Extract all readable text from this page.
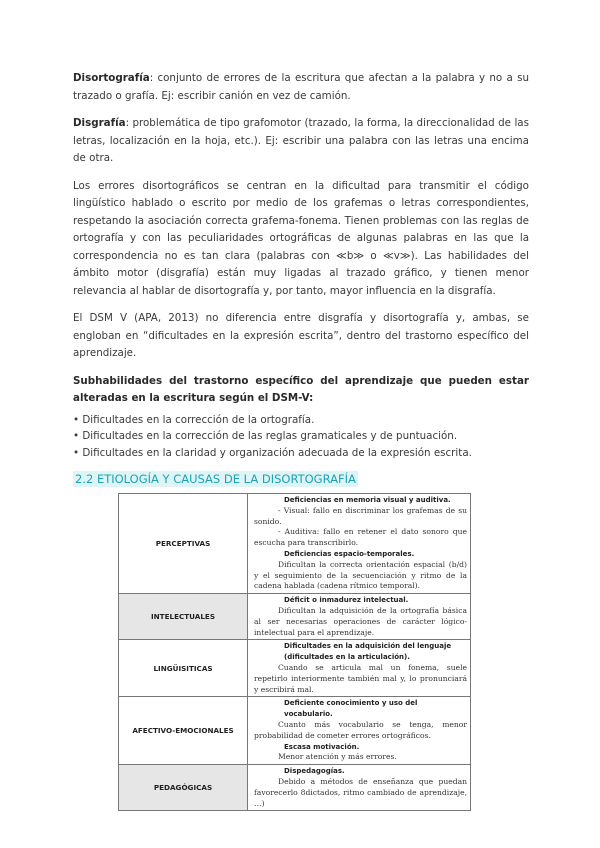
Disortografía: conjunto de errores de la escritura que afectan a la palabra y no a su trazado o grafía. Ej: escribir canión en vez de camión.

Disgrafía: problemática de tipo grafomotor (trazado, la forma, la direccionalidad de las letras, localización en la hoja, etc.). Ej: escribir una palabra con las letras una encima de otra.

Los errores disortográficos se centran en la dificultad para transmitir el código lingüístico hablado o escrito por medio de los grafemas o letras correspondientes, respetando la asociación correcta grafema-fonema. Tienen problemas con las reglas de ortografía y con las peculiaridades ortográficas de algunas palabras en las que la correspondencia no es tan clara (palabras con ≪b≫ o ≪v≫). Las habilidades del ámbito motor (disgrafía) están muy ligadas al trazado gráfico, y tienen menor relevancia al hablar de disortografía y, por tanto, mayor influencia en la disgrafía.

El DSM V (APA, 2013) no diferencia entre disgrafía y disortografía y, ambas, se engloban en “dificultades en la expresión escrita”, dentro del trastorno específico del aprendizaje.

Subhabilidades del trastorno específico del aprendizaje que pueden estar alteradas en la escritura según el DSM-V:

• Dificultades en la corrección de la ortografía.
• Dificultades en la corrección de las reglas gramaticales y de puntuación.
• Dificultades en la claridad y organización adecuada de la expresión escrita.
2.2 ETIOLOGÍA Y CAUSAS DE LA DISORTOGRAFÍA
PERCEPTIVAS	Deficiencias en memoria visual y auditiva.
- Visual: fallo en discriminar los grafemas de su sonido.
- Auditiva: fallo en retener el dato sonoro que escucha para transcribirlo.
Deficiencias espacio-temporales.
Dificultan la correcta orientación espacial (b/d) y el seguimiento de la secuenciación y ritmo de la cadena hablada (cadena rítmico temporal).

INTELECTUALES	Déficit o inmadurez intelectual.
Dificultan la adquisición de la ortografía básica al ser necesarias operaciones de carácter lógico-intelectual para el aprendizaje.

LINGÜISITICAS	Dificultades en la adquisición del lenguaje (dificultades en la articulación).
Cuando se articula mal un fonema, suele repetirlo interiormente también mal y, lo pronunciará y escribirá mal.

AFECTIVO-EMOCIONALES	Deficiente conocimiento y uso del vocabulario.
Cuanto más vocabulario se tenga, menor probabilidad de cometer errores ortográficos.
Escasa motivación.
Menor atención y más errores.

PEDAGÓGICAS	Dispedagogías.
Debido a métodos de enseñanza que puedan favorecerlo 8dictados, ritmo cambiado de aprendizaje, …)
